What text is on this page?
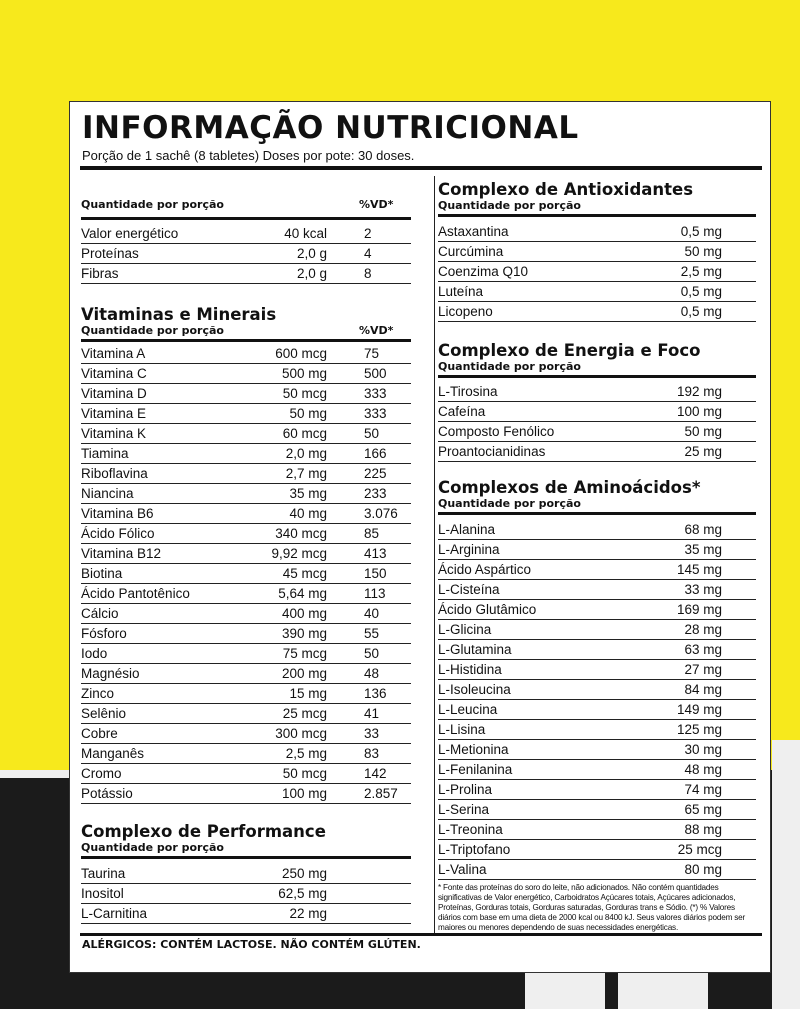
INFORMAÇÃO NUTRICIONAL
Porção de 1 sachê (8 tabletes) Doses por pote: 30 doses.
Quantidade por porção	%VD*
Valor energético	40 kcal	2
Proteínas	2,0 g	4
Fibras	2,0 g	8
Vitaminas e Minerais
Quantidade por porção	%VD*
Vitamina A	600 mcg	75
Vitamina C	500 mg	500
Vitamina D	50 mcg	333
Vitamina E	50 mg	333
Vitamina K	60 mcg	50
Tiamina	2,0 mg	166
Riboflavina	2,7 mg	225
Niancina	35 mg	233
Vitamina B6	40 mg	3.076
Ácido Fólico	340 mcg	85
Vitamina B12	9,92 mcg	413
Biotina	45 mcg	150
Ácido Pantotênico	5,64 mg	113
Cálcio	400 mg	40
Fósforo	390 mg	55
Iodo	75 mcg	50
Magnésio	200 mg	48
Zinco	15 mg	136
Selênio	25 mcg	41
Cobre	300 mcg	33
Manganês	2,5 mg	83
Cromo	50 mcg	142
Potássio	100 mg	2.857
Complexo de Performance
Quantidade por porção
Taurina	250 mg
Inositol	62,5 mg
L-Carnitina	22 mg
Complexo de Antioxidantes
Quantidade por porção
Astaxantina	0,5 mg
Curcúmina	50 mg
Coenzima Q10	2,5 mg
Luteína	0,5 mg
Licopeno	0,5 mg
Complexo de Energia e Foco
Quantidade por porção
L-Tirosina	192 mg
Cafeína	100 mg
Composto Fenólico	50 mg
Proantocianidinas	25 mg
Complexos de Aminoácidos*
Quantidade por porção
L-Alanina	68 mg
L-Arginina	35 mg
Ácido Aspártico	145 mg
L-Cisteína	33 mg
Ácido Glutâmico	169 mg
L-Glicina	28 mg
L-Glutamina	63 mg
L-Histidina	27 mg
L-Isoleucina	84 mg
L-Leucina	149 mg
L-Lisina	125 mg
L-Metionina	30 mg
L-Fenilanina	48 mg
L-Prolina	74 mg
L-Serina	65 mg
L-Treonina	88 mg
L-Triptofano	25 mcg
L-Valina	80 mg
* Fonte das proteínas do soro do leite, não adicionados. Não contém quantidades significativas de Valor energético, Carboidratos Açúcares totais, Açúcares adicionados, Proteínas, Gorduras totais, Gorduras saturadas, Gorduras trans e Sódio. (*) % Valores diários com base em uma dieta de 2000 kcal ou 8400 kJ. Seus valores diários podem ser maiores ou menores dependendo de suas necessidades energéticas.
ALÉRGICOS: CONTÉM LACTOSE. NÃO CONTÉM GLÚTEN.
